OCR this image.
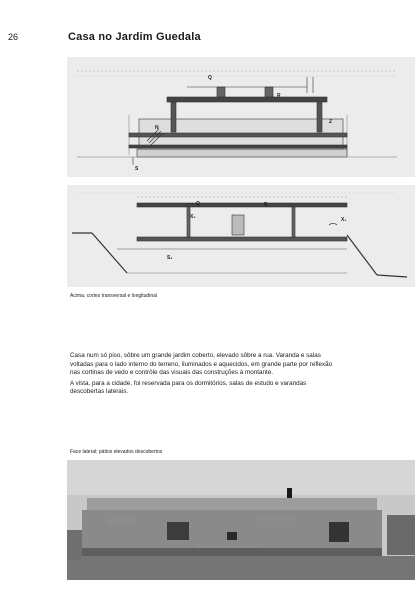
26	Casa no Jardim Guedala
Q
R
N
Z
S
Q	R
X₂	X₁
S₂
Acima, cortes transversal e longitudinal

Casa num só piso, sôbre um grande jardim coberto, elevado sôbre a rua. Varanda e salas voltadas para o lado interno do terreno, iluminados e aquecidos, em grande parte por reflexão nas cortinas de vedo e contrôle das visuais das construções à montante.

A vista, para a cidade, foi reservada para os dormitórios, salas de estudo e varandas descobertas laterais.

Face lateral; pátios elevados descobertos
